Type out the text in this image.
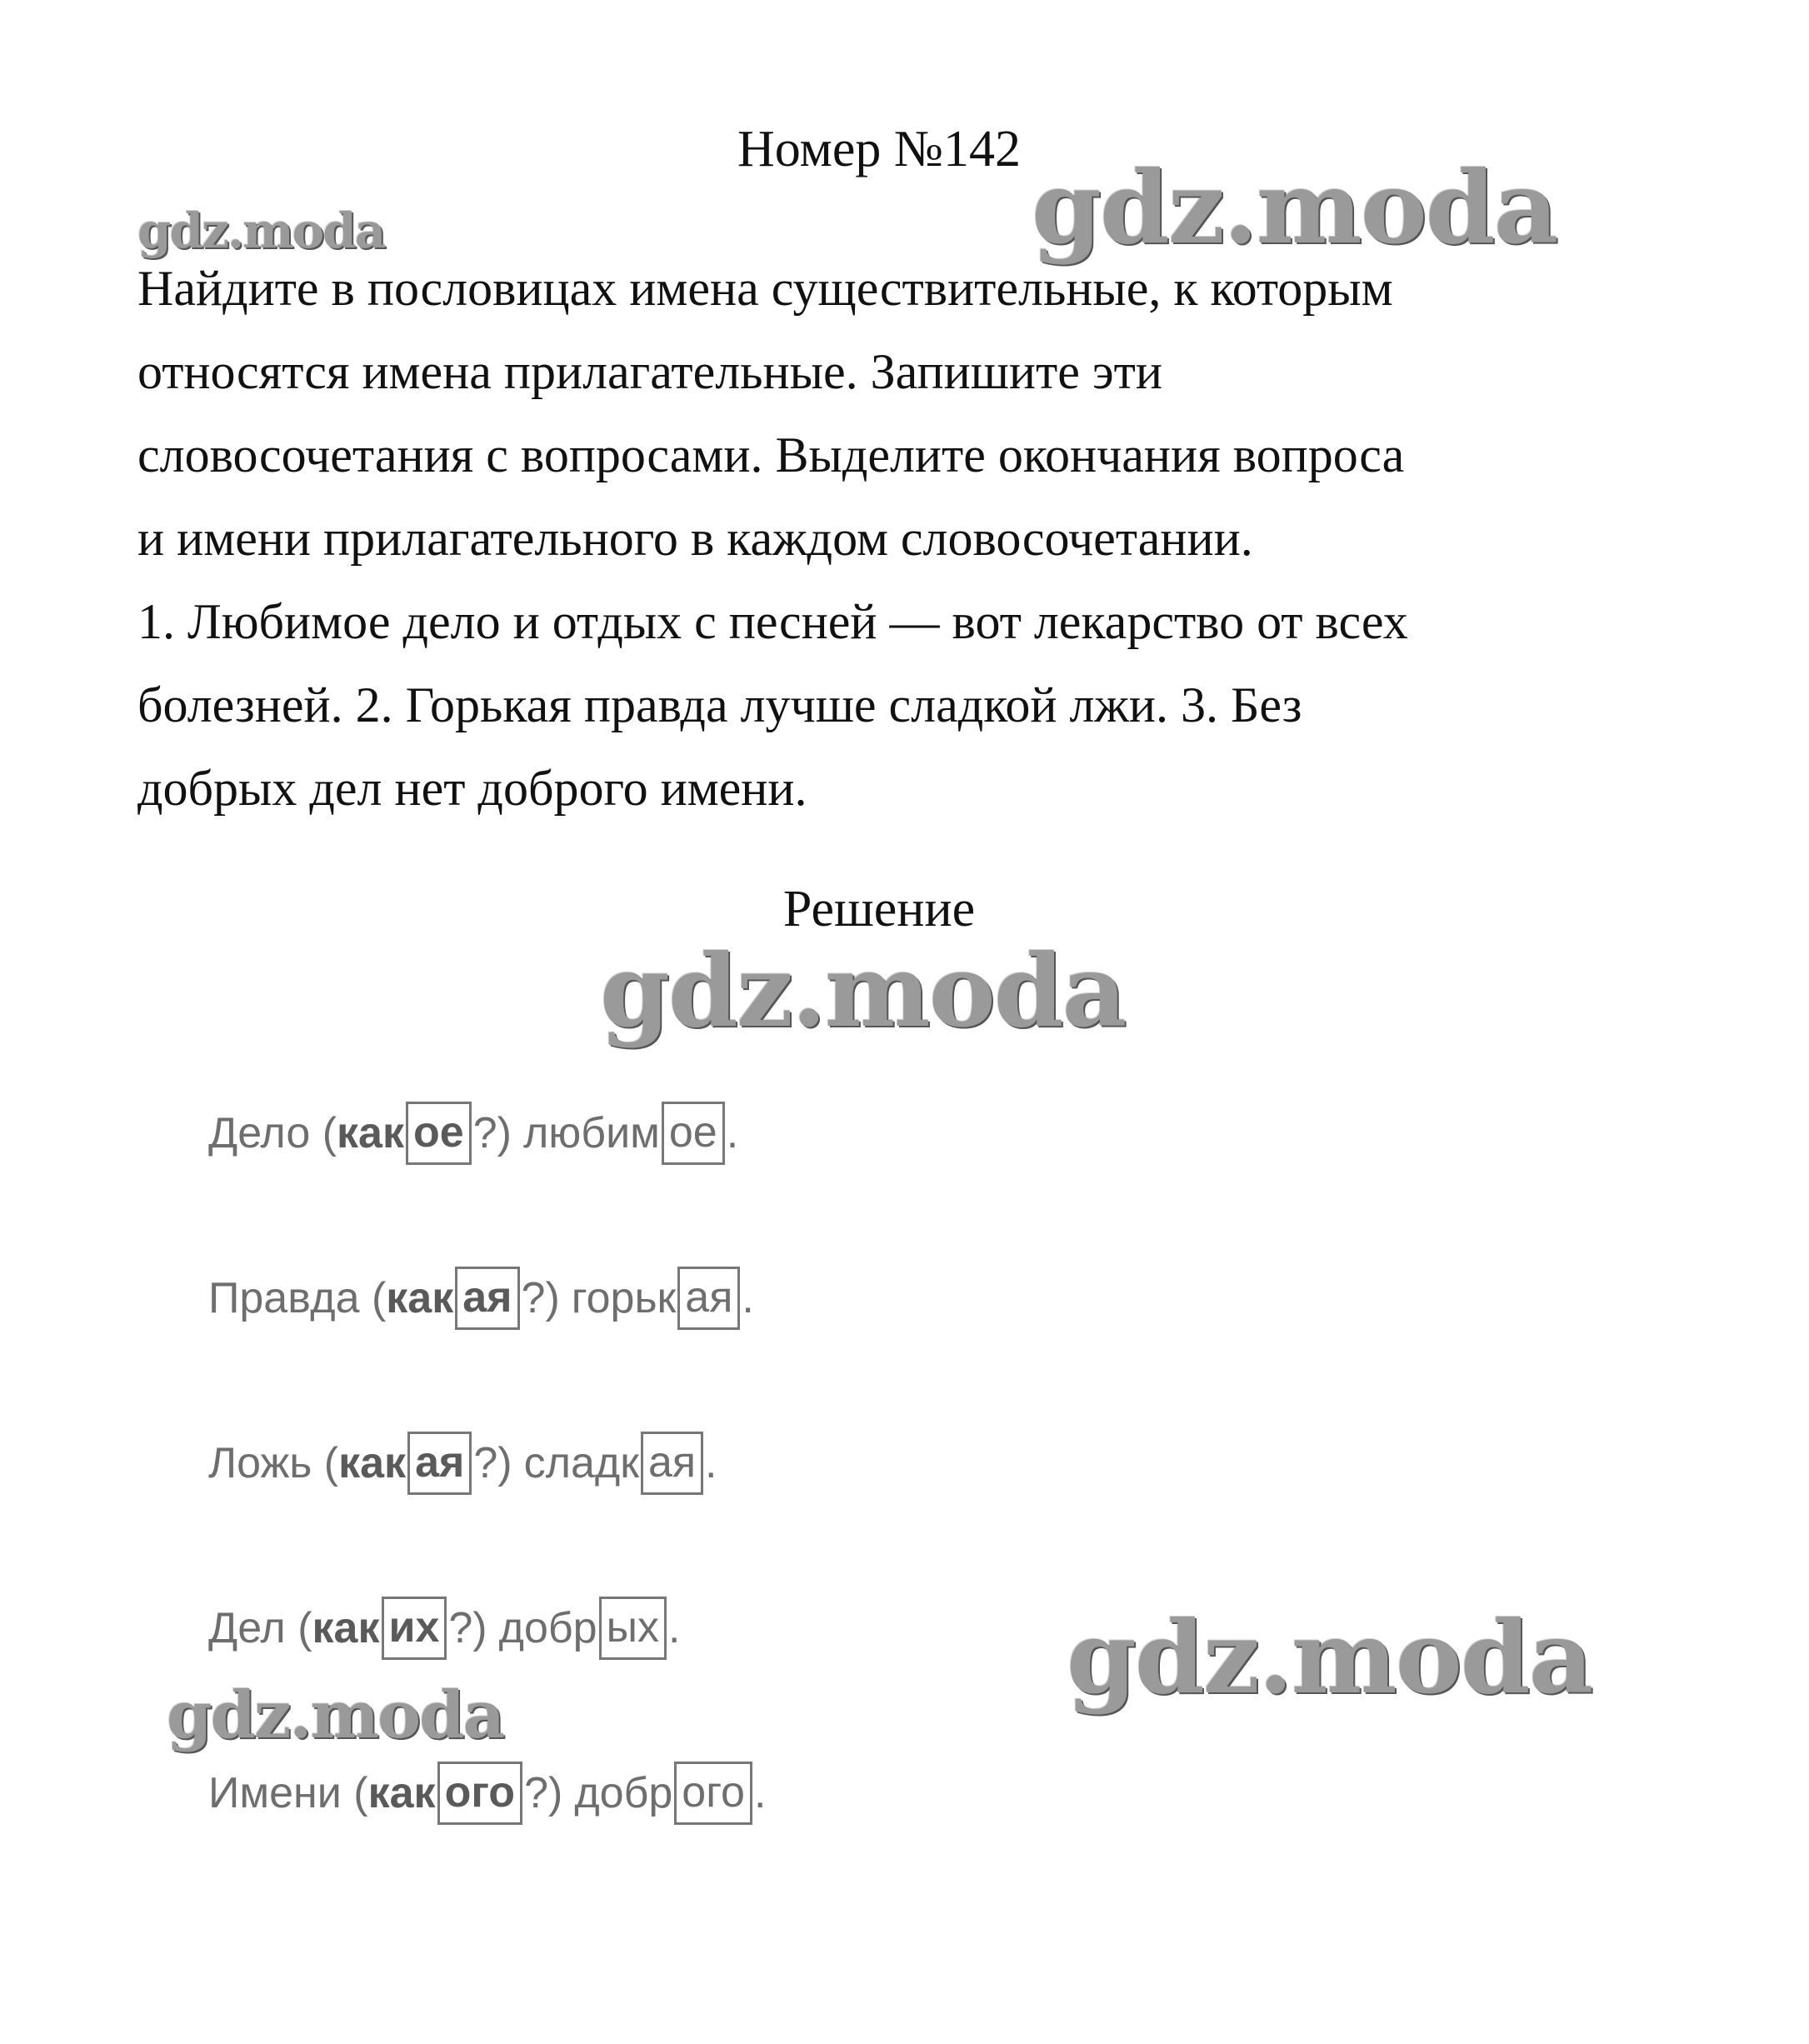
Номер №142
gdz.moda	gdz.moda

Найдите в пословицах имена существительные, к которым

относятся имена прилагательные. Запишите эти

словосочетания с вопросами. Выделите окончания вопроса

и имени прилагательного в каждом словосочетании.

1. Любимое дело и отдых с песней — вот лекарство от всех

болезней. 2. Горькая правда лучше сладкой лжи. 3. Без

добрых дел нет доброго имени.

Решение
gdz.moda
gdz.moda
gdz.moda
Дело ( как ое ?) любим ое .
Правда ( как ая ?) горьк ая .
Ложь ( как ая ?) сладк ая .
Дел ( как их ?) добр ых .
Имени ( как ого ?) добр ого .
